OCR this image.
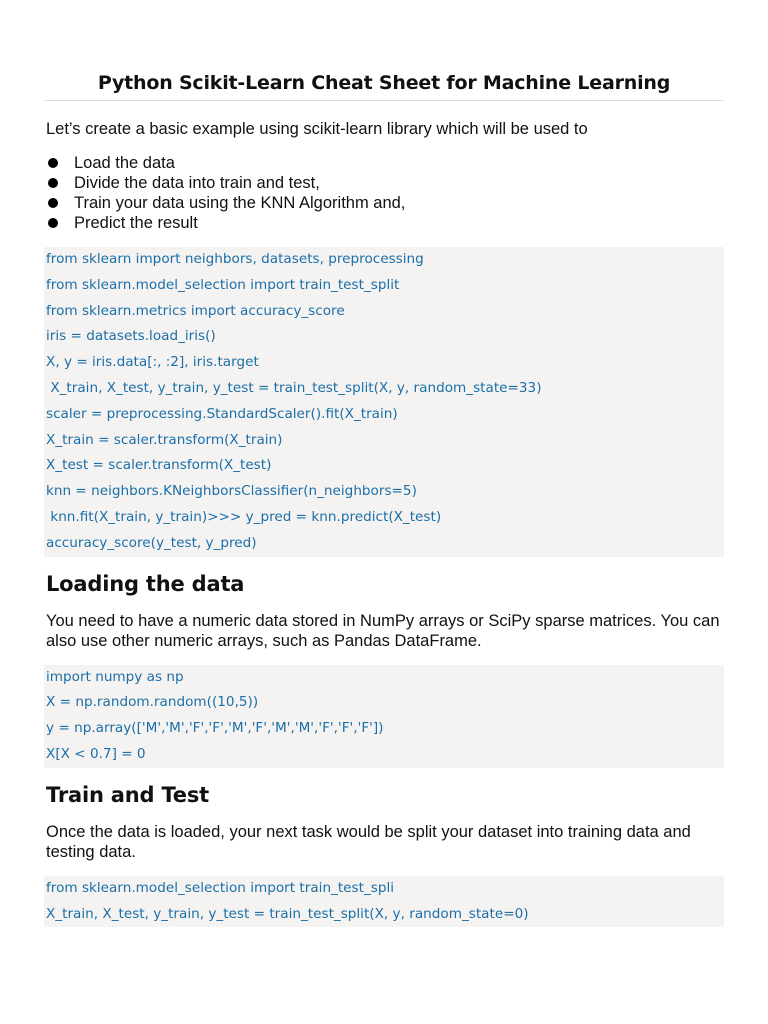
Python Scikit-Learn Cheat Sheet for Machine Learning
Let’s create a basic example using scikit-learn library which will be used to
Load the data
Divide the data into train and test,
Train your data using the KNN Algorithm and,
Predict the result
from sklearn import neighbors, datasets, preprocessing
from sklearn.model_selection import train_test_split
from sklearn.metrics import accuracy_score
iris = datasets.load_iris()
X, y = iris.data[:, :2], iris.target
X_train, X_test, y_train, y_test = train_test_split(X, y, random_state=33)
scaler = preprocessing.StandardScaler().fit(X_train)
X_train = scaler.transform(X_train)
X_test = scaler.transform(X_test)
knn = neighbors.KNeighborsClassifier(n_neighbors=5)
knn.fit(X_train, y_train)>>> y_pred = knn.predict(X_test)
accuracy_score(y_test, y_pred)
Loading the data
You need to have a numeric data stored in NumPy arrays or SciPy sparse matrices. You can also use other numeric arrays, such as Pandas DataFrame.
import numpy as np
X = np.random.random((10,5))
y = np.array(['M','M','F','F','M','F','M','M','F','F','F'])
X[X < 0.7] = 0
Train and Test
Once the data is loaded, your next task would be split your dataset into training data and testing data.
from sklearn.model_selection import train_test_spli
X_train, X_test, y_train, y_test = train_test_split(X, y, random_state=0)
